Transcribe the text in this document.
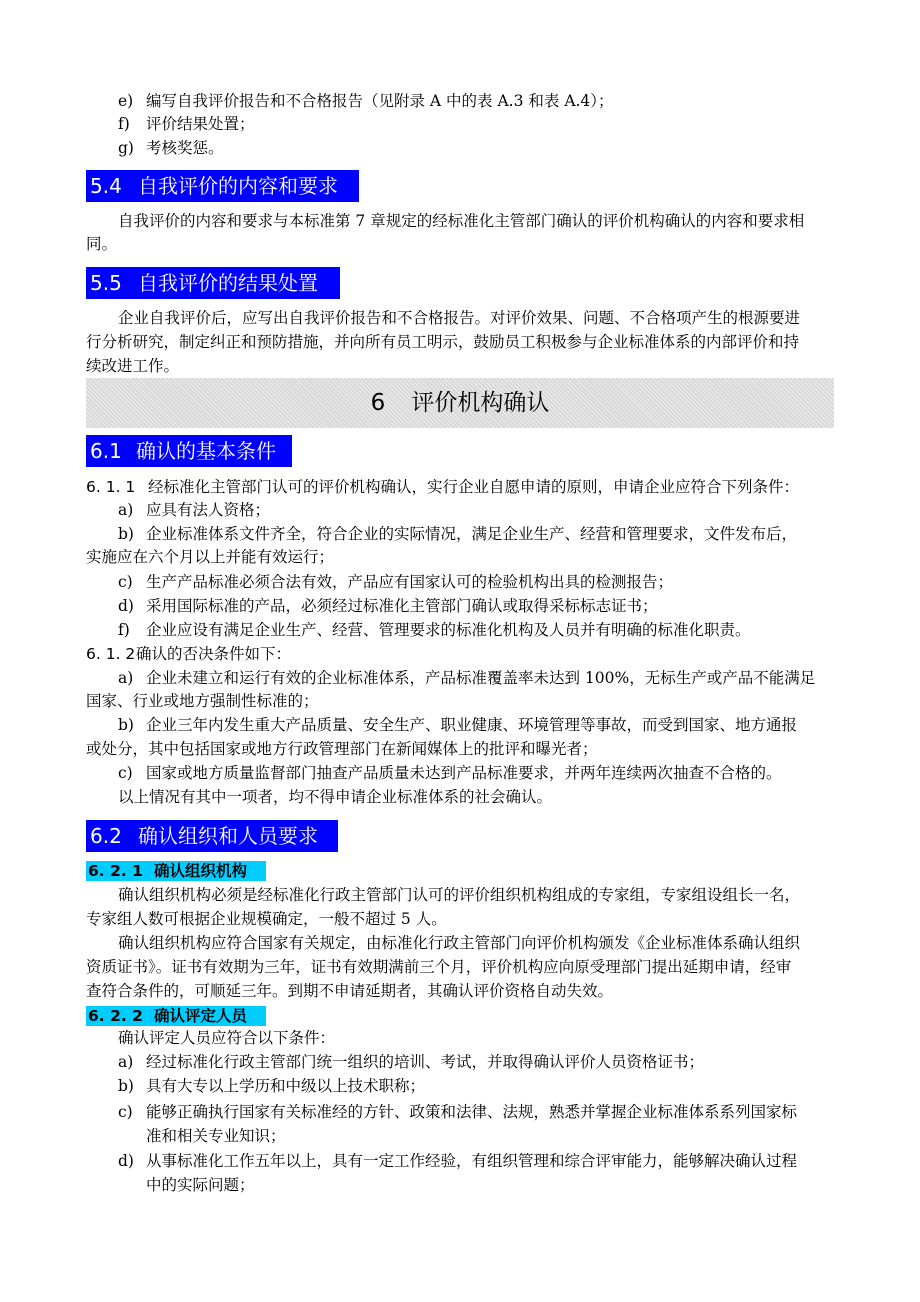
e) 编写自我评价报告和不合格报告（见附录 A 中的表 A.3 和表 A.4）；
f) 评价结果处置；
g) 考核奖惩。
5.4 自我评价的内容和要求
自我评价的内容和要求与本标准第 7 章规定的经标准化主管部门确认的评价机构确认的内容和要求相
同。
5.5 自我评价的结果处置
企业自我评价后，应写出自我评价报告和不合格报告。对评价效果、问题、不合格项产生的根源要进
行分析研究，制定纠正和预防措施，并向所有员工明示，鼓励员工积极参与企业标准体系的内部评价和持
续改进工作。
6 评价机构确认
6.1 确认的基本条件
6. 1. 1 经标准化主管部门认可的评价机构确认，实行企业自愿申请的原则，申请企业应符合下列条件：
a) 应具有法人资格；
b) 企业标准体系文件齐全，符合企业的实际情况，满足企业生产、经营和管理要求，文件发布后，
实施应在六个月以上并能有效运行；
c) 生产产品标准必须合法有效，产品应有国家认可的检验机构出具的检测报告；
d) 采用国际标准的产品，必须经过标准化主管部门确认或取得采标标志证书；
f) 企业应设有满足企业生产、经营、管理要求的标准化机构及人员并有明确的标准化职责。
6. 1. 2确认的否决条件如下：
a) 企业未建立和运行有效的企业标准体系，产品标准覆盖率未达到 100%，无标生产或产品不能满足
国家、行业或地方强制性标准的；
b) 企业三年内发生重大产品质量、安全生产、职业健康、环境管理等事故，而受到国家、地方通报
或处分，其中包括国家或地方行政管理部门在新闻媒体上的批评和曝光者；
c) 国家或地方质量监督部门抽查产品质量未达到产品标准要求，并两年连续两次抽查不合格的。
以上情况有其中一项者，均不得申请企业标准体系的社会确认。
6.2 确认组织和人员要求
6. 2. 1 确认组织机构
确认组织机构必须是经标准化行政主管部门认可的评价组织机构组成的专家组，专家组设组长一名，
专家组人数可根据企业规模确定，一般不超过 5 人。
确认组织机构应符合国家有关规定，由标准化行政主管部门向评价机构颁发《企业标准体系确认组织
资质证书》。证书有效期为三年，证书有效期满前三个月，评价机构应向原受理部门提出延期申请，经审
查符合条件的，可顺延三年。到期不申请延期者，其确认评价资格自动失效。
6. 2. 2 确认评定人员
确认评定人员应符合以下条件：
a) 经过标准化行政主管部门统一组织的培训、考试，并取得确认评价人员资格证书；
b) 具有大专以上学历和中级以上技术职称；
c) 能够正确执行国家有关标准经的方针、政策和法律、法规，熟悉并掌握企业标准体系系列国家标
准和相关专业知识；
d) 从事标准化工作五年以上，具有一定工作经验，有组织管理和综合评审能力，能够解决确认过程
中的实际问题；
